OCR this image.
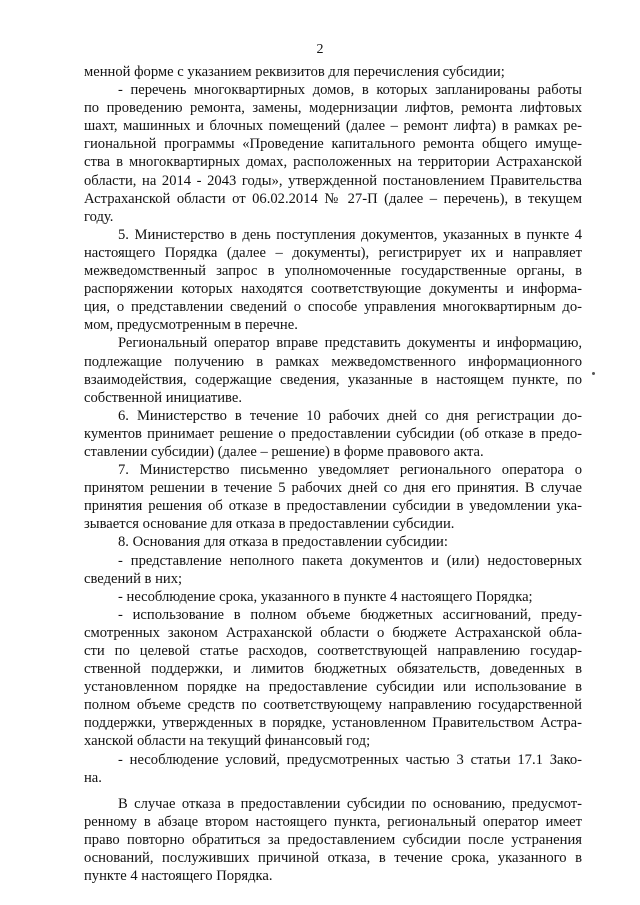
2
менной форме с указанием реквизитов для перечисления субсидии;
- перечень многоквартирных домов, в которых запланированы работы
по проведению ремонта, замены, модернизации лифтов, ремонта лифтовых
шахт, машинных и блочных помещений (далее – ремонт лифта) в рамках ре-
гиональной программы «Проведение капитального ремонта общего имуще-
ства в многоквартирных домах, расположенных на территории Астраханской
области, на 2014 - 2043 годы», утвержденной постановлением Правительства
Астраханской области от 06.02.2014 № 27-П (далее – перечень), в текущем
году.
5. Министерство в день поступления документов, указанных в пункте 4
настоящего Порядка (далее – документы), регистрирует их и направляет
межведомственный запрос в уполномоченные государственные органы, в
распоряжении которых находятся соответствующие документы и информа-
ция, о представлении сведений о способе управления многоквартирным до-
мом, предусмотренным в перечне.
Региональный оператор вправе представить документы и информацию,
подлежащие получению в рамках межведомственного информационного
взаимодействия, содержащие сведения, указанные в настоящем пункте, по
собственной инициативе.
6. Министерство в течение 10 рабочих дней со дня регистрации до-
кументов принимает решение о предоставлении субсидии (об отказе в предо-
ставлении субсидии) (далее – решение) в форме правового акта.
7. Министерство письменно уведомляет регионального оператора о
принятом решении в течение 5 рабочих дней со дня его принятия. В случае
принятия решения об отказе в предоставлении субсидии в уведомлении ука-
зывается основание для отказа в предоставлении субсидии.
8. Основания для отказа в предоставлении субсидии:
- представление неполного пакета документов и (или) недостоверных
сведений в них;
- несоблюдение срока, указанного в пункте 4 настоящего Порядка;
- использование в полном объеме бюджетных ассигнований, преду-
смотренных законом Астраханской области о бюджете Астраханской обла-
сти по целевой статье расходов, соответствующей направлению государ-
ственной поддержки, и лимитов бюджетных обязательств, доведенных в
установленном порядке на предоставление субсидии или использование в
полном объеме средств по соответствующему направлению государственной
поддержки, утвержденных в порядке, установленном Правительством Астра-
ханской области на текущий финансовый год;
- несоблюдение условий, предусмотренных частью 3 статьи 17.1 Зако-
на.
В случае отказа в предоставлении субсидии по основанию, предусмот-
ренному в абзаце втором настоящего пункта, региональный оператор имеет
право повторно обратиться за предоставлением субсидии после устранения
оснований, послуживших причиной отказа, в течение срока, указанного в
пункте 4 настоящего Порядка.
